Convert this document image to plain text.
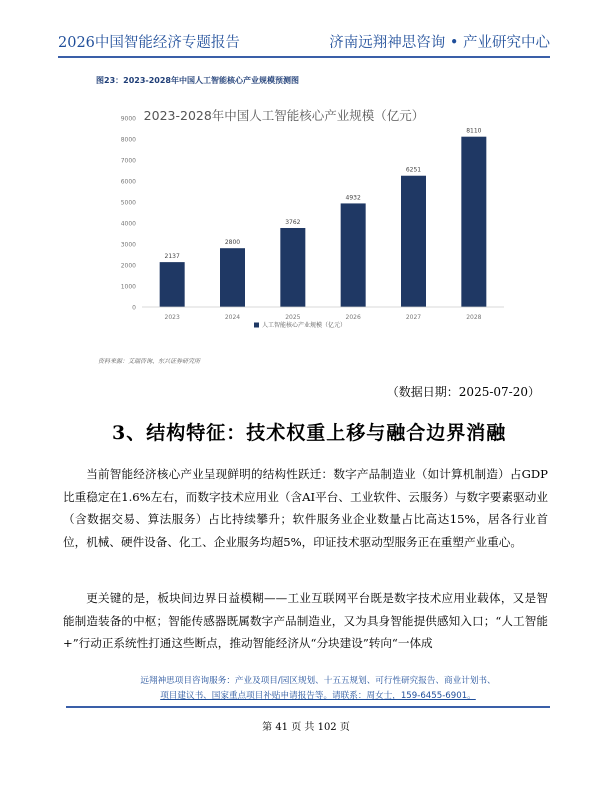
2026中国智能经济专题报告	济南远翔神思咨询 • 产业研究中心
图23：2023-2028年中国人工智能核心产业规模预测图
2023-2028年中国人工智能核心产业规模（亿元）
0
1000
2000
3000
4000
5000
6000
7000
8000
9000
2137
2800
3762
4932
6251
8110
2023	2024	2025	2026	2027	2028
人工智能核心产业规模（亿元）
资料来源：艾瑞咨询、东兴证券研究所
（数据日期：2025-07-20）
3、结构特征：技术权重上移与融合边界消融

当前智能经济核心产业呈现鲜明的结构性跃迁：数字产品制造业（如计算机制造）占GDP比重稳定在1.6%左右，而数字技术应用业（含AI平台、工业软件、云服务）与数字要素驱动业（含数据交易、算法服务）占比持续攀升；软件服务业企业数量占比高达15%，居各行业首位，机械、硬件设备、化工、企业服务均超5%，印证技术驱动型服务正在重塑产业重心。

更关键的是，板块间边界日益模糊——工业互联网平台既是数字技术应用业载体，又是智能制造装备的中枢；智能传感器既属数字产品制造业，又为具身智能提供感知入口；“人工智能+”行动正系统性打通这些断点，推动智能经济从“分块建设”转向“一体成

远翔神思项目咨询服务：产业及项目/园区规划、十五五规划、可行性研究报告、商业计划书、
项目建议书、国家重点项目补贴申请报告等。请联系：周女士，159-6455-6901。
第 41 页 共 102 页
